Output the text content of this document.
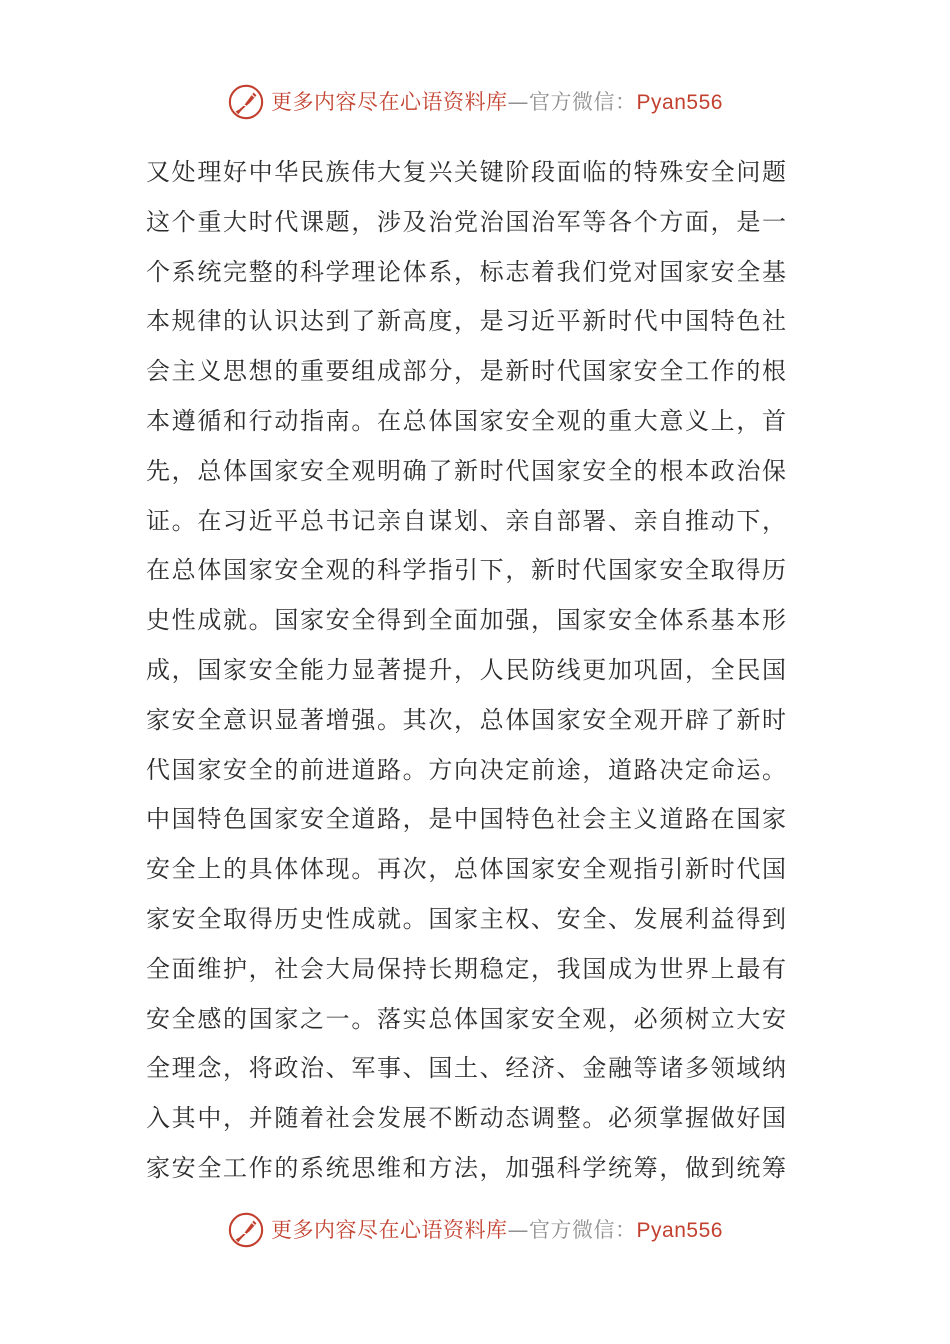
更多内容尽在心语资料库—官方微信：Pyan556
又处理好中华民族伟大复兴关键阶段面临的特殊安全问题
这个重大时代课题，涉及治党治国治军等各个方面，是一
个系统完整的科学理论体系，标志着我们党对国家安全基
本规律的认识达到了新高度，是习近平新时代中国特色社
会主义思想的重要组成部分，是新时代国家安全工作的根
本遵循和行动指南。在总体国家安全观的重大意义上，首
先，总体国家安全观明确了新时代国家安全的根本政治保
证。在习近平总书记亲自谋划、亲自部署、亲自推动下，
在总体国家安全观的科学指引下，新时代国家安全取得历
史性成就。国家安全得到全面加强，国家安全体系基本形
成，国家安全能力显著提升，人民防线更加巩固，全民国
家安全意识显著增强。其次，总体国家安全观开辟了新时
代国家安全的前进道路。方向决定前途，道路决定命运。
中国特色国家安全道路，是中国特色社会主义道路在国家
安全上的具体体现。再次，总体国家安全观指引新时代国
家安全取得历史性成就。国家主权、安全、发展利益得到
全面维护，社会大局保持长期稳定，我国成为世界上最有
安全感的国家之一。落实总体国家安全观，必须树立大安
全理念，将政治、军事、国土、经济、金融等诸多领域纳
入其中，并随着社会发展不断动态调整。必须掌握做好国
家安全工作的系统思维和方法，加强科学统筹，做到统筹
更多内容尽在心语资料库—官方微信：Pyan556
